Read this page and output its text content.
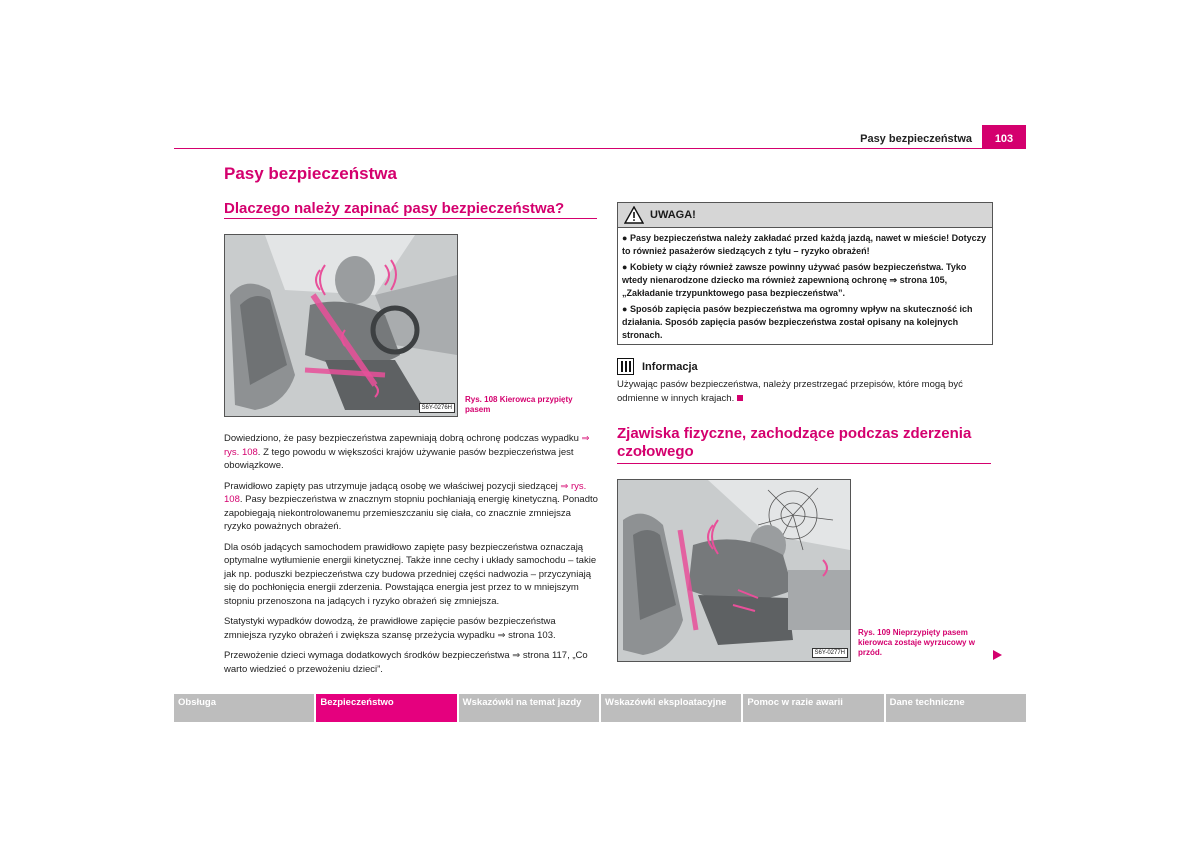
Pasy bezpieczeństwa	103
Pasy bezpieczeństwa
Dlaczego należy zapinać pasy bezpieczeństwa?
S6Y-0276H
Rys. 108 Kierowca przypięty pasem

Dowiedziono, że pasy bezpieczeństwa zapewniają dobrą ochronę podczas wypadku ⇒ rys. 108. Z tego powodu w większości krajów używanie pasów bezpieczeństwa jest obowiązkowe.

Prawidłowo zapięty pas utrzymuje jadącą osobę we właściwej pozycji siedzącej ⇒ rys. 108. Pasy bezpieczeństwa w znacznym stopniu pochłaniają energię kinetyczną. Ponadto zapobiegają niekontrolowanemu przemieszczaniu się ciała, co znacznie zmniejsza ryzyko poważnych obrażeń.

Dla osób jadących samochodem prawidłowo zapięte pasy bezpieczeństwa oznaczają optymalne wytłumienie energii kinetycznej. Także inne cechy i układy samochodu – takie jak np. poduszki bezpieczeństwa czy budowa przedniej części nadwozia – przyczyniają się do pochłonięcia energii zderzenia. Powstająca energia jest przez to w mniejszym stopniu przenoszona na jadących i ryzyko obrażeń się zmniejsza.

Statystyki wypadków dowodzą, że prawidłowe zapięcie pasów bezpieczeństwa zmniejsza ryzyko obrażeń i zwiększa szansę przeżycia wypadku ⇒ strona 103.

Przewożenie dzieci wymaga dodatkowych środków bezpieczeństwa ⇒ strona 117, „Co warto wiedzieć o przewożeniu dzieci”.

UWAGA!
● Pasy bezpieczeństwa należy zakładać przed każdą jazdą, nawet w mieście! Dotyczy to również pasażerów siedzących z tyłu – ryzyko obrażeń!
● Kobiety w ciąży również zawsze powinny używać pasów bezpieczeństwa. Tyko wtedy nienarodzone dziecko ma również zapewnioną ochronę ⇒ strona 105, „Zakładanie trzypunktowego pasa bezpieczeństwa”.
● Sposób zapięcia pasów bezpieczeństwa ma ogromny wpływ na skuteczność ich działania. Sposób zapięcia pasów bezpieczeństwa został opisany na kolejnych stronach.
Informacja
Używając pasów bezpieczeństwa, należy przestrzegać przepisów, które mogą być odmienne w innych krajach.
Zjawiska fizyczne, zachodzące podczas zderzenia czołowego
S6Y-0277H
Rys. 109 Nieprzypięty pasem kierowca zostaje wyrzucowy w przód.
Obsługa	Bezpieczeństwo	Wskazówki na temat jazdy	Wskazówki eksploatacyjne	Pomoc w razie awarii	Dane techniczne
